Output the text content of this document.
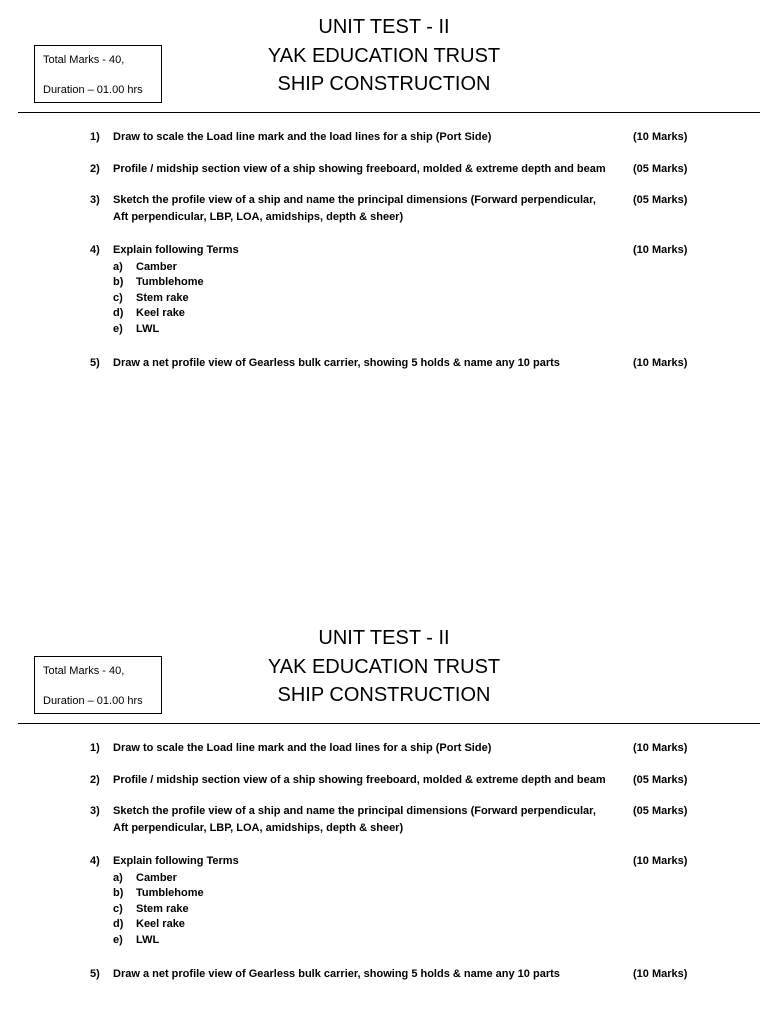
UNIT TEST - II
YAK EDUCATION TRUST
SHIP CONSTRUCTION
Total Marks - 40,
Duration – 01.00 hrs
1) Draw to scale the Load line mark and the load lines for a ship (Port Side)	(10 Marks)
2) Profile / midship section view of a ship showing freeboard, molded & extreme depth and beam (05 Marks)
3) Sketch the profile view of a ship and name the principal dimensions (Forward perpendicular,
Aft perpendicular, LBP, LOA, amidships, depth & sheer)
(05 Marks)
4) Explain following Terms	(10 Marks)
a) Camber
b) Tumblehome
c) Stem rake
d) Keel rake
e) LWL
5) Draw a net profile view of Gearless bulk carrier, showing 5 holds & name any 10 parts	(10 Marks)
UNIT TEST - II
YAK EDUCATION TRUST
SHIP CONSTRUCTION
Total Marks - 40,
Duration – 01.00 hrs
1) Draw to scale the Load line mark and the load lines for a ship (Port Side)	(10 Marks)
2) Profile / midship section view of a ship showing freeboard, molded & extreme depth and beam (05 Marks)
3) Sketch the profile view of a ship and name the principal dimensions (Forward perpendicular,
Aft perpendicular, LBP, LOA, amidships, depth & sheer)
(05 Marks)
4) Explain following Terms	(10 Marks)
a) Camber
b) Tumblehome
c) Stem rake
d) Keel rake
e) LWL
5) Draw a net profile view of Gearless bulk carrier, showing 5 holds & name any 10 parts	(10 Marks)
